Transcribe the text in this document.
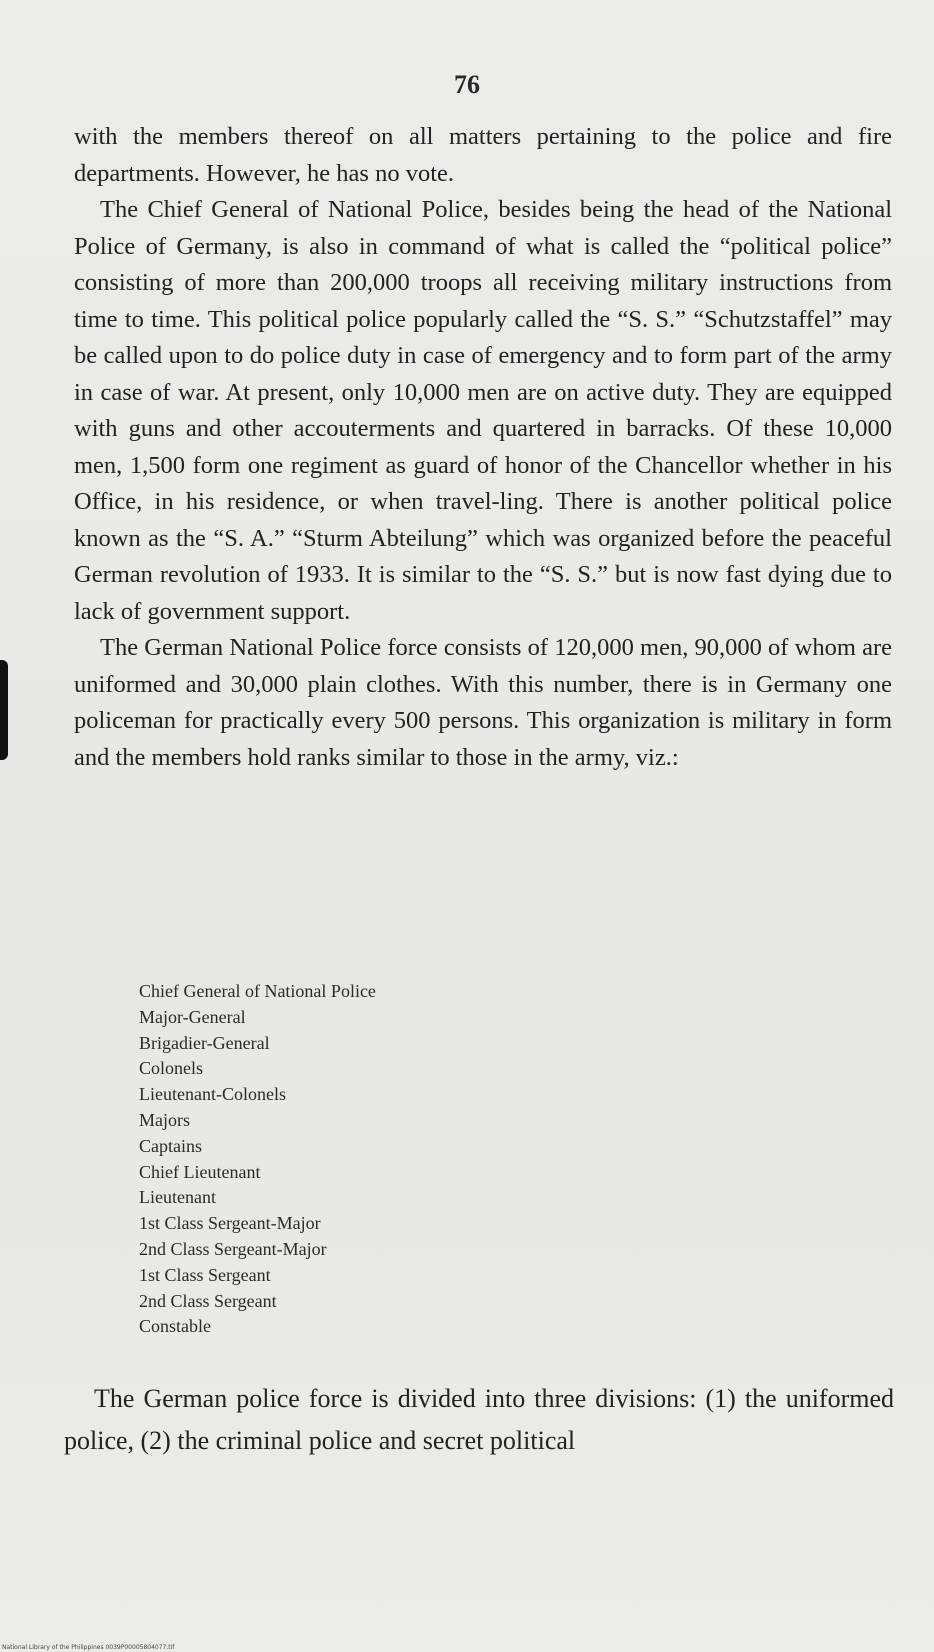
76

with the members thereof on all matters pertaining to the police and fire departments. However, he has no vote.

The Chief General of National Police, besides being the head of the National Police of Germany, is also in command of what is called the “political police” consisting of more than 200,000 troops all receiving military instructions from time to time. This political police popularly called the “S. S.” “Schutzstaffel” may be called upon to do police duty in case of emergency and to form part of the army in case of war. At present, only 10,000 men are on active duty. They are equipped with guns and other accouterments and quartered in barracks. Of these 10,000 men, 1,500 form one regiment as guard of honor of the Chancellor whether in his Office, in his residence, or when travel-ling. There is another political police known as the “S. A.” “Sturm Abteilung” which was organized before the peaceful German revolution of 1933. It is similar to the “S. S.” but is now fast dying due to lack of government support.

The German National Police force consists of 120,000 men, 90,000 of whom are uniformed and 30,000 plain clothes. With this number, there is in Germany one policeman for practically every 500 persons. This organization is military in form and the members hold ranks similar to those in the army, viz.:

Chief General of National Police
Major-General
Brigadier-General
Colonels
Lieutenant-Colonels
Majors
Captains
Chief Lieutenant
Lieutenant
1st Class Sergeant-Major
2nd Class Sergeant-Major
1st Class Sergeant
2nd Class Sergeant
Constable

The German police force is divided into three divisions: (1) the uniformed police, (2) the criminal police and secret political

National Library of the Philippines 0039P00005804077.tif
